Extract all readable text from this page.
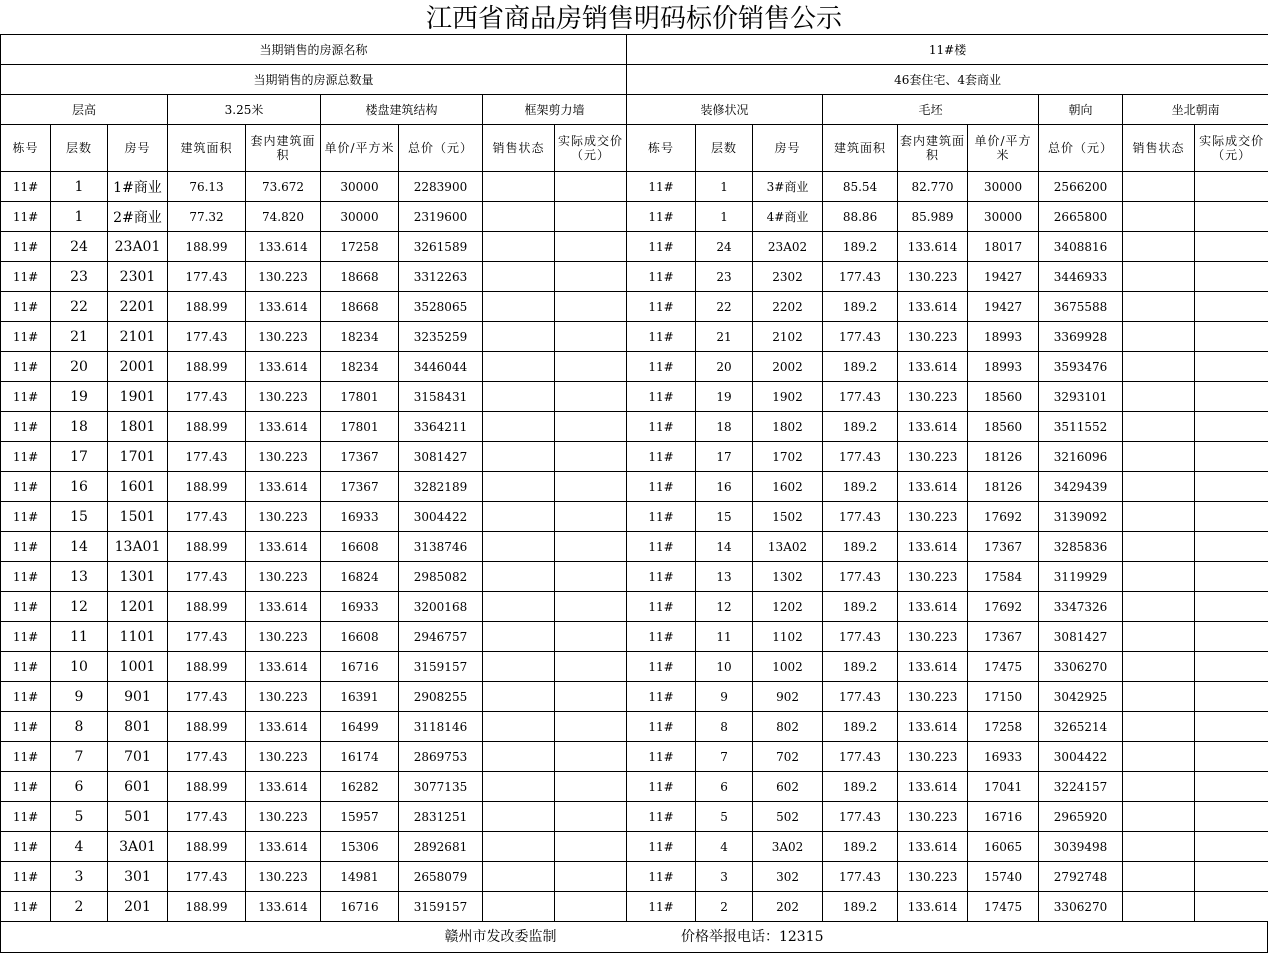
江西省商品房销售明码标价销售公示
当期销售的房源名称									11#楼								
当期销售的房源总数量									46套住宅、4套商业								
层高			3.25米		楼盘建筑结构		框架剪力墙		装修状况			毛坯			朝向	坐北朝南	
栋号	层数	房号	建筑面积	套内建筑面积	单价/平方米	总价（元）	销售状态	实际成交价（元）	栋号	层数	房号	建筑面积	套内建筑面积	单价/平方米	总价（元）	销售状态	实际成交价（元）
11#	1	1#商业	76.13	73.672	30000	2283900			11#	1	3#商业	85.54	82.770	30000	2566200		
11#	1	2#商业	77.32	74.820	30000	2319600			11#	1	4#商业	88.86	85.989	30000	2665800		
11#	24	23A01	188.99	133.614	17258	3261589			11#	24	23A02	189.2	133.614	18017	3408816		
11#	23	2301	177.43	130.223	18668	3312263			11#	23	2302	177.43	130.223	19427	3446933		
11#	22	2201	188.99	133.614	18668	3528065			11#	22	2202	189.2	133.614	19427	3675588		
11#	21	2101	177.43	130.223	18234	3235259			11#	21	2102	177.43	130.223	18993	3369928		
11#	20	2001	188.99	133.614	18234	3446044			11#	20	2002	189.2	133.614	18993	3593476		
11#	19	1901	177.43	130.223	17801	3158431			11#	19	1902	177.43	130.223	18560	3293101		
11#	18	1801	188.99	133.614	17801	3364211			11#	18	1802	189.2	133.614	18560	3511552		
11#	17	1701	177.43	130.223	17367	3081427			11#	17	1702	177.43	130.223	18126	3216096		
11#	16	1601	188.99	133.614	17367	3282189			11#	16	1602	189.2	133.614	18126	3429439		
11#	15	1501	177.43	130.223	16933	3004422			11#	15	1502	177.43	130.223	17692	3139092		
11#	14	13A01	188.99	133.614	16608	3138746			11#	14	13A02	189.2	133.614	17367	3285836		
11#	13	1301	177.43	130.223	16824	2985082			11#	13	1302	177.43	130.223	17584	3119929		
11#	12	1201	188.99	133.614	16933	3200168			11#	12	1202	189.2	133.614	17692	3347326		
11#	11	1101	177.43	130.223	16608	2946757			11#	11	1102	177.43	130.223	17367	3081427		
11#	10	1001	188.99	133.614	16716	3159157			11#	10	1002	189.2	133.614	17475	3306270		
11#	9	901	177.43	130.223	16391	2908255			11#	9	902	177.43	130.223	17150	3042925		
11#	8	801	188.99	133.614	16499	3118146			11#	8	802	189.2	133.614	17258	3265214		
11#	7	701	177.43	130.223	16174	2869753			11#	7	702	177.43	130.223	16933	3004422		
11#	6	601	188.99	133.614	16282	3077135			11#	6	602	189.2	133.614	17041	3224157		
11#	5	501	177.43	130.223	15957	2831251			11#	5	502	177.43	130.223	16716	2965920		
11#	4	3A01	188.99	133.614	15306	2892681			11#	4	3A02	189.2	133.614	16065	3039498		
11#	3	301	177.43	130.223	14981	2658079			11#	3	302	177.43	130.223	15740	2792748		
11#	2	201	188.99	133.614	16716	3159157			11#	2	202	189.2	133.614	17475	3306270		
赣州市发改委监制	价格举报电话：12315
